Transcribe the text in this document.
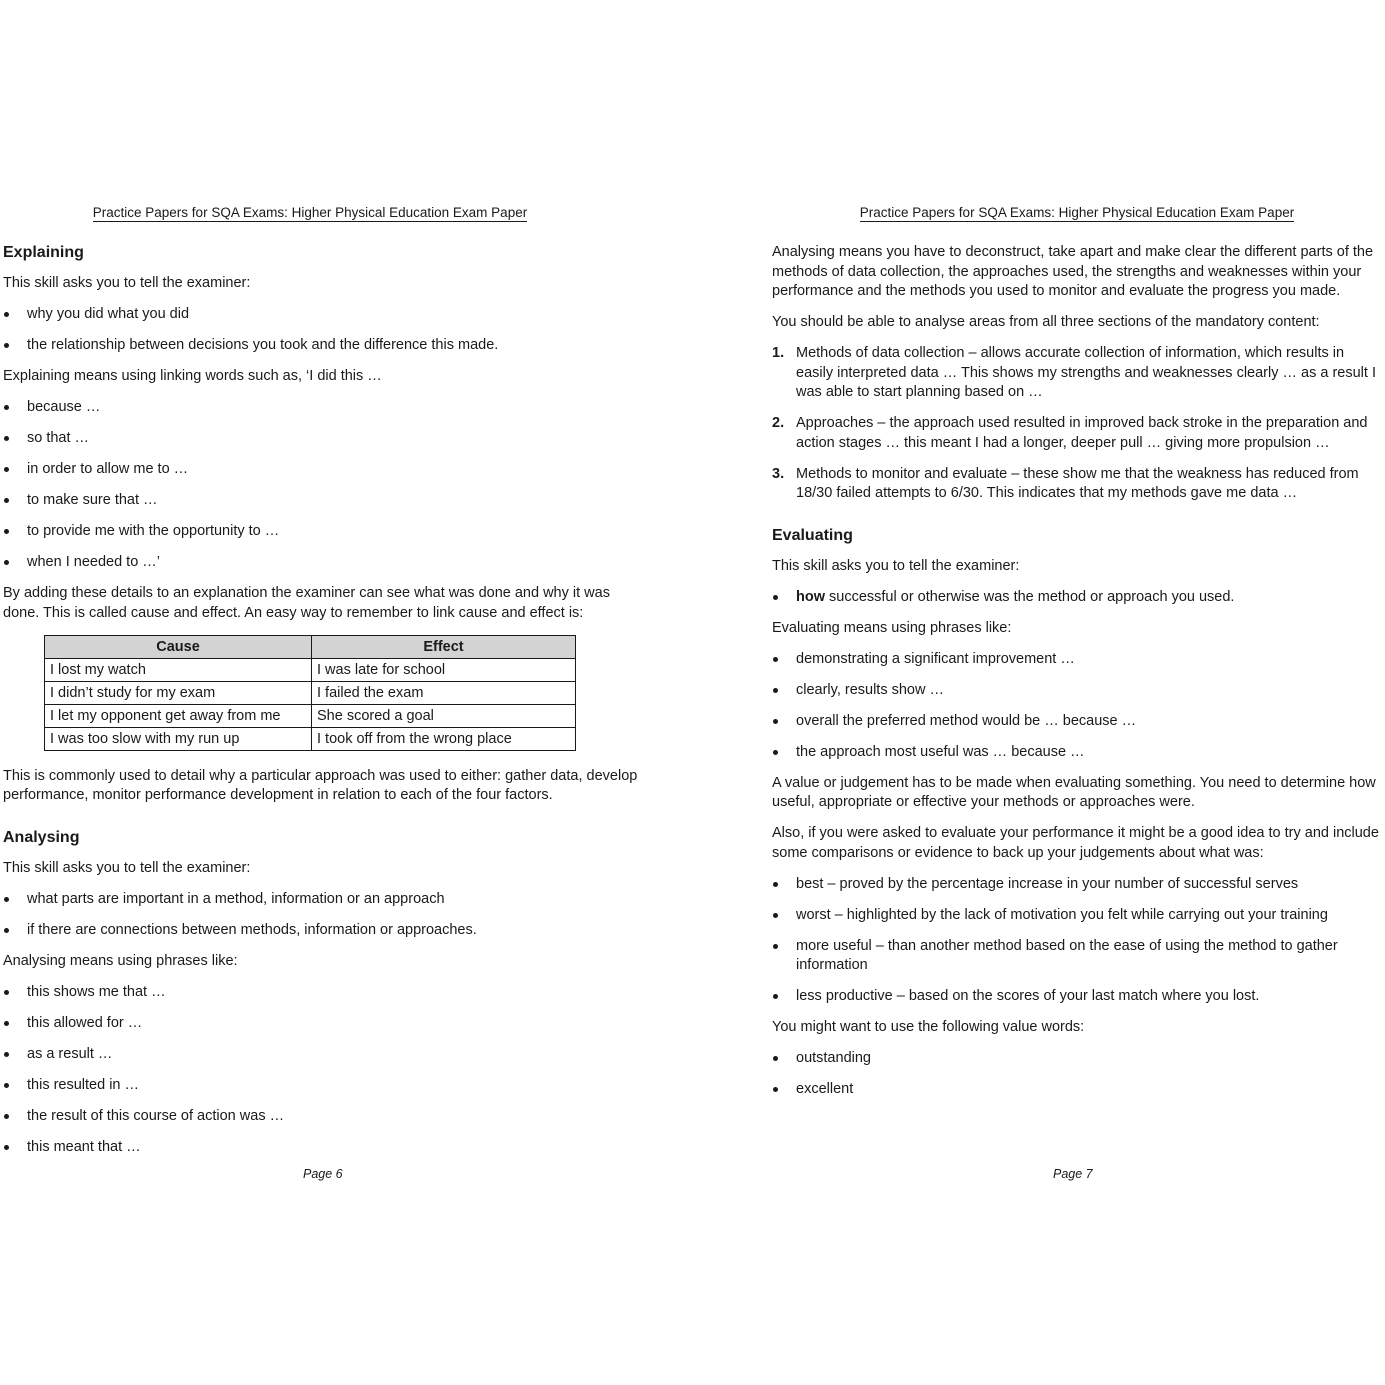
Practice Papers for SQA Exams: Higher Physical Education Exam Paper
Explaining

This skill asks you to tell the examiner:

why you did what you did
the relationship between decisions you took and the difference this made.

Explaining means using linking words such as, ‘I did this …

because …
so that …
in order to allow me to …
to make sure that …
to provide me with the opportunity to …
when I needed to …’

By adding these details to an explanation the examiner can see what was done and why it was done. This is called cause and effect. An easy way to remember to link cause and effect is:

Cause	Effect
I lost my watch	I was late for school
I didn’t study for my exam	I failed the exam
I let my opponent get away from me	She scored a goal
I was too slow with my run up	I took off from the wrong place

This is commonly used to detail why a particular approach was used to either: gather data, develop performance, monitor performance development in relation to each of the four factors.

Analysing

This skill asks you to tell the examiner:

what parts are important in a method, information or an approach
if there are connections between methods, information or approaches.

Analysing means using phrases like:

this shows me that …
this allowed for …
as a result …
this resulted in …
the result of this course of action was …
this meant that …
Page 6
Practice Papers for SQA Exams: Higher Physical Education Exam Paper

Analysing means you have to deconstruct, take apart and make clear the different parts of the methods of data collection, the approaches used, the strengths and weaknesses within your performance and the methods you used to monitor and evaluate the progress you made.

You should be able to analyse areas from all three sections of the mandatory content:

1. Methods of data collection – allows accurate collection of information, which results in easily interpreted data … This shows my strengths and weaknesses clearly … as a result I was able to start planning based on …
2. Approaches – the approach used resulted in improved back stroke in the preparation and action stages … this meant I had a longer, deeper pull … giving more propulsion …
3. Methods to monitor and evaluate – these show me that the weakness has reduced from 18/30 failed attempts to 6/30. This indicates that my methods gave me data …
Evaluating

This skill asks you to tell the examiner:

how successful or otherwise was the method or approach you used.

Evaluating means using phrases like:

demonstrating a significant improvement …
clearly, results show …
overall the preferred method would be … because …
the approach most useful was … because …

A value or judgement has to be made when evaluating something. You need to determine how useful, appropriate or effective your methods or approaches were.

Also, if you were asked to evaluate your performance it might be a good idea to try and include some comparisons or evidence to back up your judgements about what was:

best – proved by the percentage increase in your number of successful serves
worst – highlighted by the lack of motivation you felt while carrying out your training
more useful – than another method based on the ease of using the method to gather information
less productive – based on the scores of your last match where you lost.

You might want to use the following value words:

outstanding
excellent
Page 7
